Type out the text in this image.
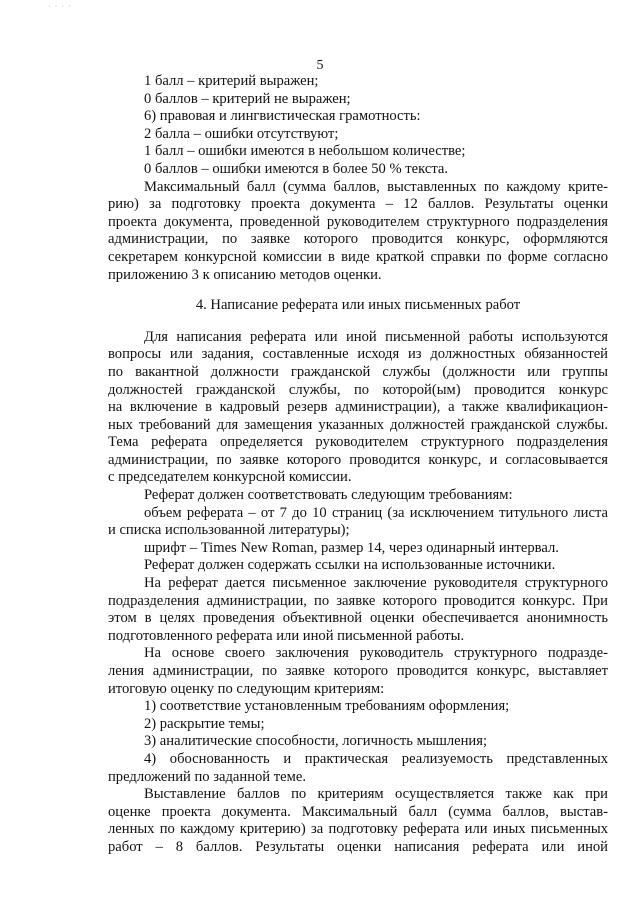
· · · ·
5
1 балл – критерий выражен;
0 баллов – критерий не выражен;
6) правовая и лингвистическая грамотность:
2 балла – ошибки отсутствуют;
1 балл – ошибки имеются в небольшом количестве;
0 баллов – ошибки имеются в более 50 % текста.
Максимальный балл (сумма баллов, выставленных по каждому крите-
рию) за подготовку проекта документа – 12 баллов. Результаты оценки
проекта документа, проведенной руководителем структурного подразделения
администрации, по заявке которого проводится конкурс, оформляются
секретарем конкурсной комиссии в виде краткой справки по форме согласно
приложению 3 к описанию методов оценки.
4. Написание реферата или иных письменных работ
Для написания реферата или иной письменной работы используются
вопросы или задания, составленные исходя из должностных обязанностей
по вакантной должности гражданской службы (должности или группы
должностей гражданской службы, по которой(ым) проводится конкурс
на включение в кадровый резерв администрации), а также квалификацион-
ных требований для замещения указанных должностей гражданской службы.
Тема реферата определяется руководителем структурного подразделения
администрации, по заявке которого проводится конкурс, и согласовывается
с председателем конкурсной комиссии.
Реферат должен соответствовать следующим требованиям:
объем реферата – от 7 до 10 страниц (за исключением титульного листа
и списка использованной литературы);
шрифт – Times New Roman, размер 14, через одинарный интервал.
Реферат должен содержать ссылки на использованные источники.
На реферат дается письменное заключение руководителя структурного
подразделения администрации, по заявке которого проводится конкурс. При
этом в целях проведения объективной оценки обеспечивается анонимность
подготовленного реферата или иной письменной работы.
На основе своего заключения руководитель структурного подразде-
ления администрации, по заявке которого проводится конкурс, выставляет
итоговую оценку по следующим критериям:
1) соответствие установленным требованиям оформления;
2) раскрытие темы;
3) аналитические способности, логичность мышления;
4) обоснованность и практическая реализуемость представленных
предложений по заданной теме.
Выставление баллов по критериям осуществляется также как при
оценке проекта документа. Максимальный балл (сумма баллов, выстав-
ленных по каждому критерию) за подготовку реферата или иных письменных
работ – 8 баллов. Результаты оценки написания реферата или иной
